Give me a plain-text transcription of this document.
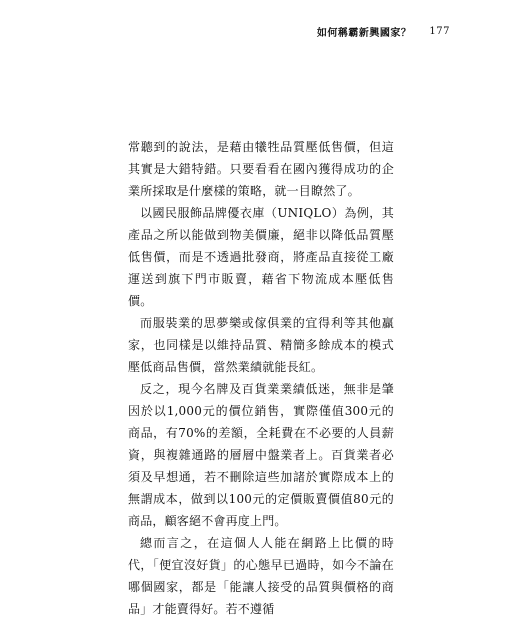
如何稱霸新興國家？ 177

常聽到的說法，是藉由犧牲品質壓低售價，但這其實是大錯特錯。只要看看在國內獲得成功的企業所採取是什麼樣的策略，就一目瞭然了。

以國民服飾品牌優衣庫（UNIQLO）為例，其產品之所以能做到物美價廉，絕非以降低品質壓低售價，而是不透過批發商，將產品直接從工廠運送到旗下門市販賣，藉省下物流成本壓低售價。

而服裝業的思夢樂或傢俱業的宜得利等其他贏家，也同樣是以維持品質、精簡多餘成本的模式壓低商品售價，當然業績就能長紅。

反之，現今名牌及百貨業業績低迷，無非是肇因於以1,000元的價位銷售，實際僅值300元的商品，有70%的差額，全耗費在不必要的人員薪資，與複雜通路的層層中盤業者上。百貨業者必須及早想通，若不刪除這些加諸於實際成本上的無謂成本，做到以100元的定價販賣價值80元的商品，顧客絕不會再度上門。

總而言之，在這個人人能在網路上比價的時代，「便宜沒好貨」的心態早已過時，如今不論在哪個國家，都是「能讓人接受的品質與價格的商品」才能賣得好。若不遵循
